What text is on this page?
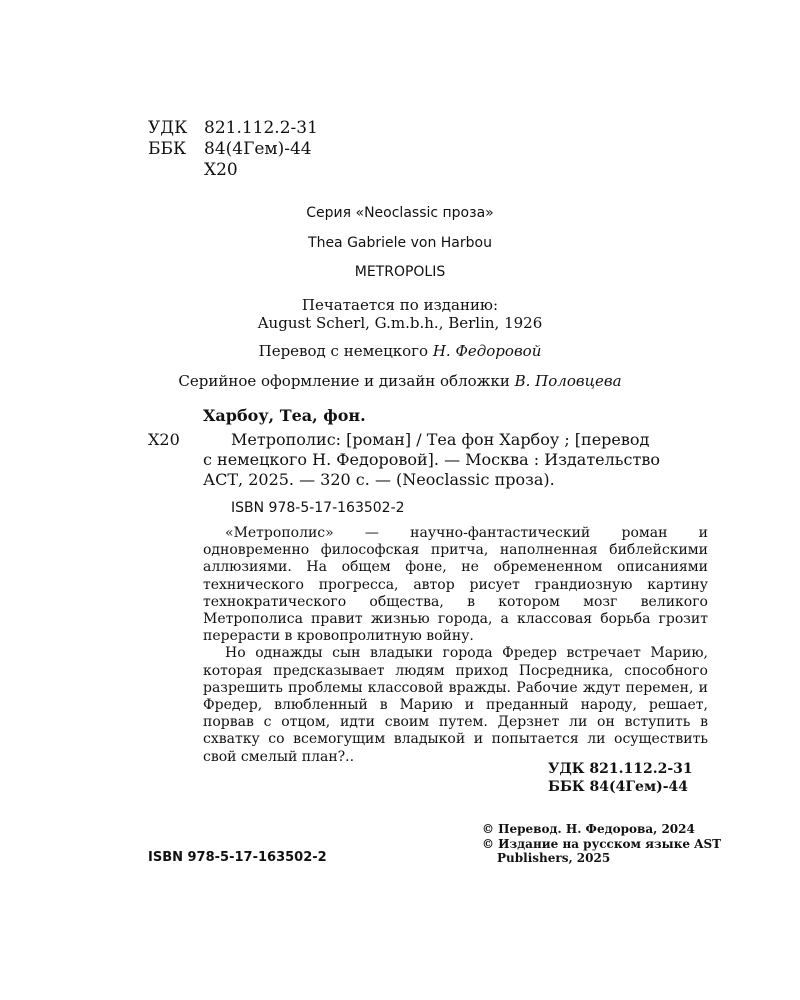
УДК 821.112.2-31
ББК 84(4Гем)-44
Х20
Серия «Neoclassic проза»
Thea Gabriele von Harbou
METROPOLIS
Печатается по изданию:
August Scherl, G.m.b.h., Berlin, 1926
Перевод с немецкого Н. Федоровой
Серийное оформление и дизайн обложки В. Половцева
Харбоу, Теа, фон.
Х20	Метрополис: [роман] / Теа фон Харбоу ; [перевод
с немецкого Н. Федоровой]. — Москва : Издательство
АСТ, 2025. — 320 с. — (Neoclassic проза).
ISBN 978-5-17-163502-2

«Метрополис» — научно-фантастический роман и одновременно философская притча, наполненная библейскими аллюзиями. На общем фоне, не обремененном описаниями технического прогресса, автор рисует грандиозную картину технократического общества, в котором мозг великого Метрополиса правит жизнью города, а классовая борьба грозит перерасти в кровопролитную войну.

Но однажды сын владыки города Фредер встречает Марию, которая предсказывает людям приход Посредника, способного разрешить проблемы классовой вражды. Рабочие ждут перемен, и Фредер, влюбленный в Марию и преданный народу, решает, порвав с отцом, идти своим путем. Дерзнет ли он вступить в схватку со всемогущим владыкой и попытается ли осуществить свой смелый план?..

УДК 821.112.2-31
ББК 84(4Гем)-44
© Перевод. Н. Федорова, 2024
© Издание на русском языке AST
Publishers, 2025
ISBN 978-5-17-163502-2
